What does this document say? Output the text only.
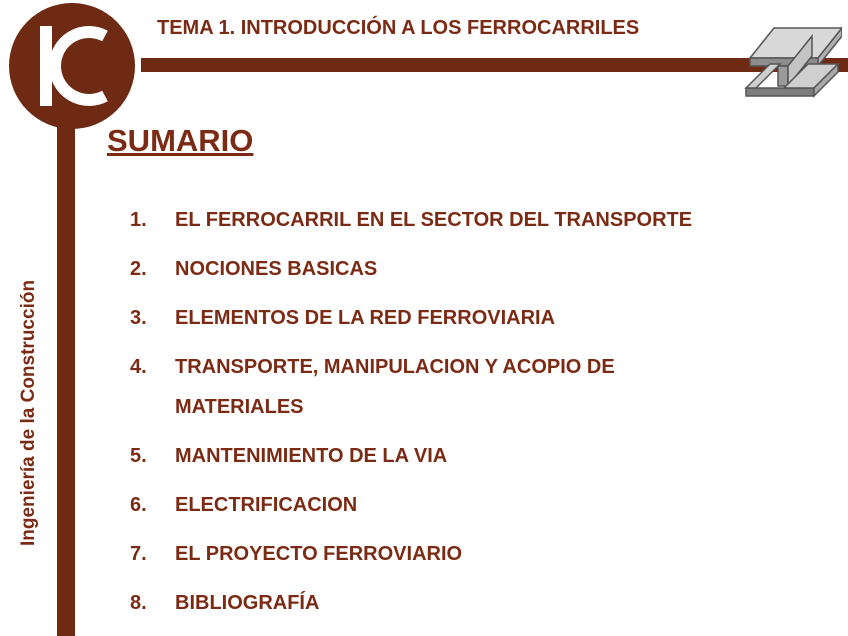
TEMA 1. INTRODUCCIÓN A LOS FERROCARRILES
Ingeniería de la Construcción
SUMARIO
1. EL FERROCARRIL EN EL SECTOR DEL TRANSPORTE
2. NOCIONES BASICAS
3. ELEMENTOS DE LA RED FERROVIARIA
4. TRANSPORTE, MANIPULACION Y ACOPIO DE MATERIALES
5. MANTENIMIENTO DE LA VIA
6. ELECTRIFICACION
7. EL PROYECTO FERROVIARIO
8. BIBLIOGRAFÍA
